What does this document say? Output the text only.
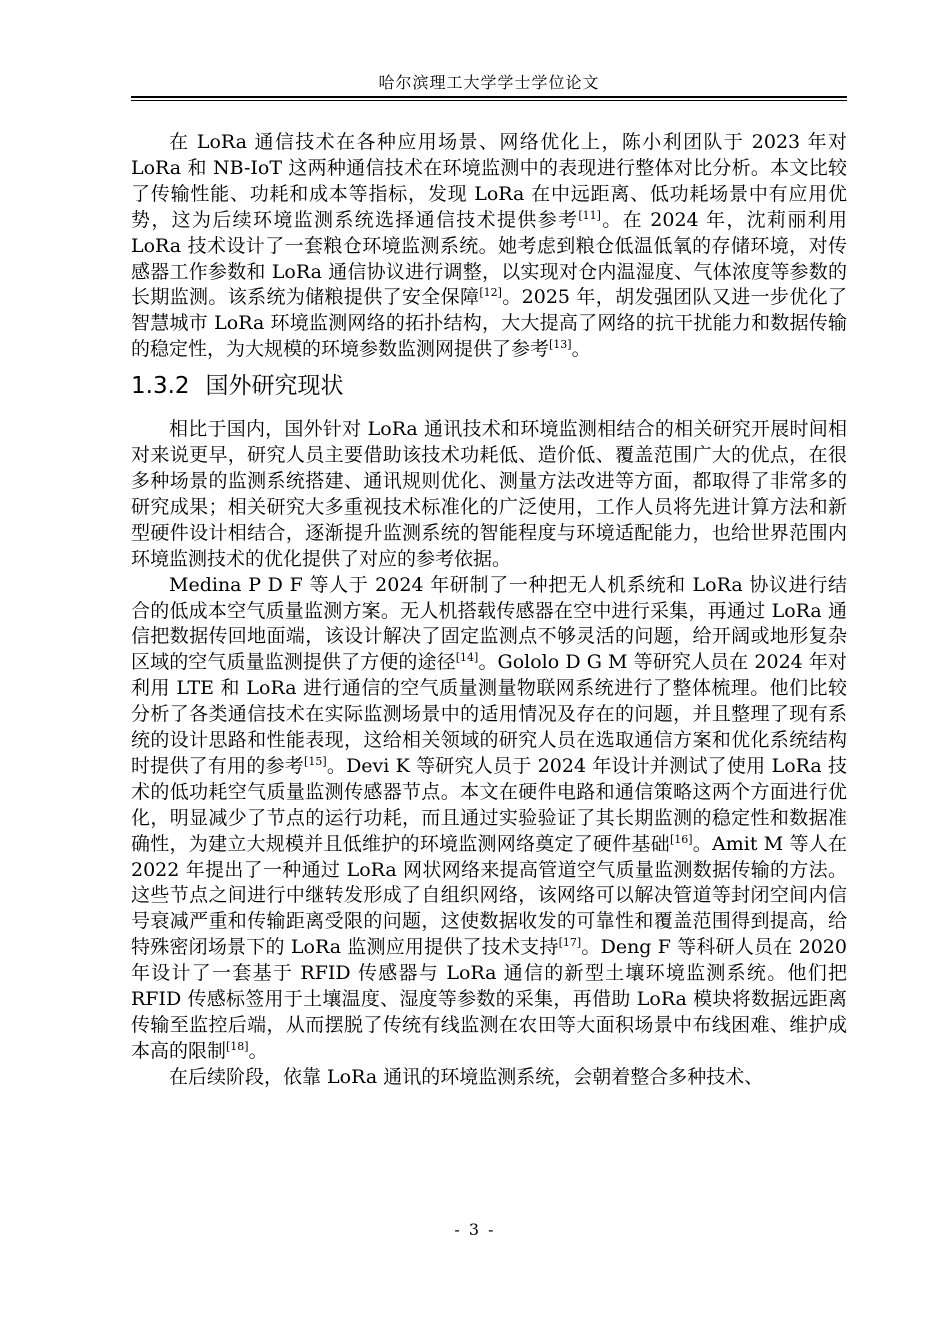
哈尔滨理工大学学士学位论文

在 LoRa 通信技术在各种应用场景、网络优化上，陈小利团队于 2023 年对 LoRa 和 NB-IoT 这两种通信技术在环境监测中的表现进行整体对比分析。本文比较了传输性能、功耗和成本等指标，发现 LoRa 在中远距离、低功耗场景中有应用优势，这为后续环境监测系统选择通信技术提供参考[11]。在 2024 年，沈莉丽利用 LoRa 技术设计了一套粮仓环境监测系统。她考虑到粮仓低温低氧的存储环境，对传感器工作参数和 LoRa 通信协议进行调整，以实现对仓内温湿度、气体浓度等参数的长期监测。该系统为储粮提供了安全保障[12]。2025 年，胡发强团队又进一步优化了智慧城市 LoRa 环境监测网络的拓扑结构，大大提高了网络的抗干扰能力和数据传输的稳定性，为大规模的环境参数监测网提供了参考[13]。

1.3.2 国外研究现状

相比于国内，国外针对 LoRa 通讯技术和环境监测相结合的相关研究开展时间相对来说更早，研究人员主要借助该技术功耗低、造价低、覆盖范围广大的优点，在很多种场景的监测系统搭建、通讯规则优化、测量方法改进等方面，都取得了非常多的研究成果；相关研究大多重视技术标准化的广泛使用，工作人员将先进计算方法和新型硬件设计相结合，逐渐提升监测系统的智能程度与环境适配能力，也给世界范围内环境监测技术的优化提供了对应的参考依据。

Medina P D F 等人于 2024 年研制了一种把无人机系统和 LoRa 协议进行结合的低成本空气质量监测方案。无人机搭载传感器在空中进行采集，再通过 LoRa 通信把数据传回地面端，该设计解决了固定监测点不够灵活的问题，给开阔或地形复杂区域的空气质量监测提供了方便的途径[14]。Gololo D G M 等研究人员在 2024 年对利用 LTE 和 LoRa 进行通信的空气质量测量物联网系统进行了整体梳理。他们比较分析了各类通信技术在实际监测场景中的适用情况及存在的问题，并且整理了现有系统的设计思路和性能表现，这给相关领域的研究人员在选取通信方案和优化系统结构时提供了有用的参考[15]。Devi K 等研究人员于 2024 年设计并测试了使用 LoRa 技术的低功耗空气质量监测传感器节点。本文在硬件电路和通信策略这两个方面进行优化，明显减少了节点的运行功耗，而且通过实验验证了其长期监测的稳定性和数据准确性，为建立大规模并且低维护的环境监测网络奠定了硬件基础[16]。Amit M 等人在 2022 年提出了一种通过 LoRa 网状网络来提高管道空气质量监测数据传输的方法。这些节点之间进行中继转发形成了自组织网络，该网络可以解决管道等封闭空间内信号衰减严重和传输距离受限的问题，这使数据收发的可靠性和覆盖范围得到提高，给特殊密闭场景下的 LoRa 监测应用提供了技术支持[17]。Deng F 等科研人员在 2020 年设计了一套基于 RFID 传感器与 LoRa 通信的新型土壤环境监测系统。他们把 RFID 传感标签用于土壤温度、湿度等参数的采集，再借助 LoRa 模块将数据远距离传输至监控后端，从而摆脱了传统有线监测在农田等大面积场景中布线困难、维护成本高的限制[18]。

在后续阶段，依靠 LoRa 通讯的环境监测系统，会朝着整合多种技术、

- 3 -
